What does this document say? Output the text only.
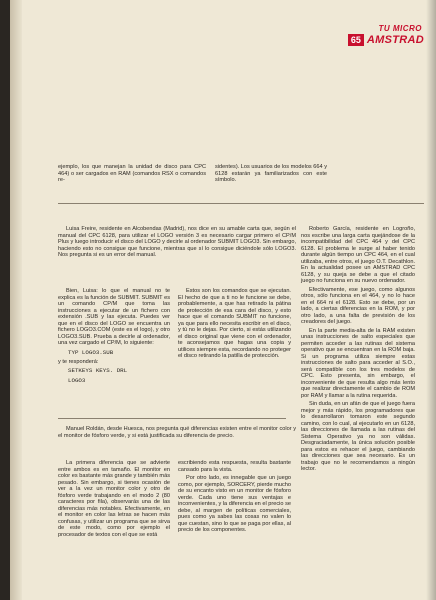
TU MICRO
65 AMSTRAD
ejemplo, los que manejan la unidad de disco para CPC 464) o ser cargados en RAM (comandos RSX o comandos re-
sidentes). Los usuarios de los modelos 664 y 6128 estarán ya familiarizados con este símbolo.
Luisa Freire, residente en Alcobendas (Madrid), nos dice en su amable carta que, según el manual del CPC 6128, para utilizar el LOGO versión 3 es necesario cargar primero el CP/M Plus y luego introducir el disco del LOGO y decirle al ordenador SUBMIT LOGO3. Sin embargo, haciendo esto no consigue que funcione, mientras que sí lo consigue diciéndole sólo LOGO3. Nos pregunta si es un error del manual.
Bien, Luisa: lo que el manual no te explica es la función de SUBMIT. SUBMIT es un comando CP/M que toma las instrucciones a ejecutar de un fichero con extensión .SUB y las ejecuta. Puedes ver que en el disco del LOGO se encuentra un fichero LOGO3.COM (este es el logo), y otro LOGO3.SUB. Prueba a decirle al ordenador, una vez cargado el CP/M, lo siguiente:
TYP LOGO3.SUB
y te responderá:
SETKEYS KEYS. DRL
LOGO3
Estos son los comandos que se ejecutan. El hecho de que a ti no le funcione se debe, probablemente, a que has retirado la pátina de protección de esa cara del disco, y esto hace que el comando SUBMIT no funcione, ya que para ello necesita escribir en el disco, y tú no le dejas. Por cierto, si estás utilizando el disco original que viene con el ordenador, te aconsejamos que hagas una copia y utilices siempre esta, recordando no proteger el disco retirando la patilla de protección.
Roberto García, residente en Logroño, nos escribe una larga carta quejándose de la incompatibilidad del CPC 464 y del CPC 6128. El problema le surge al haber tenido durante algún tiempo un CPC 464, en el cual utilizaba, entre otros, el juego O.T. Decathlon. En la actualidad posee un AMSTRAD CPC 6128, y su queja se debe a que el citado juego no funciona en su nuevo ordenador.
Efectivamente, ese juego, como algunos otros, sólo funciona en el 464, y no lo hace en el 664 ni el 6128. Esto se debe, por un lado, a ciertas diferencias en la ROM, y por otro lado, a una falta de previsión de los creadores del juego.
En la parte media-alta de la RAM existen unas instrucciones de salto especiales que permiten acceder a las rutinas del sistema operativo que se encuentran en la ROM baja. Si un programa utiliza siempre estas instrucciones de salto para acceder al S.O., será compatible con los tres modelos de CPC. Esto presenta, sin embargo, el inconveniente de que resulta algo más lento que realizar directamente el cambio de ROM por RAM y llamar a la rutina requerida.
Sin duda, en un afán de que el juego fuera mejor y más rápido, los programadores que lo desarrollaron tomaron este segundo camino, con lo cual, al ejecutarlo en un 6128, las direcciones de llamada a las rutinas del Sistema Operativo ya no son válidas. Desgraciadamente, la única solución posible para estos es rehacer el juego, cambiando las direcciones que sea necesario. Es un trabajo que no le recomendamos a ningún lector.
Manuel Roldán, desde Huesca, nos pregunta qué diferencias existen entre el monitor color y el monitor de fósforo verde, y si está justificada su diferencia de precio.
La primera diferencia que se advierte entre ambos es en tamaño. El monitor en color es bastante más grande y también más pesado. Sin embargo, si tienes ocasión de ver a la vez un monitor color y otro de fósforo verde trabajando en el modo 2 (80 caracteres por fila), observarás una de las diferencias más notables. Efectivamente, en el monitor en color las letras se hacen más confusas, y utilizar un programa que se sirva de este modo, como por ejemplo el procesador de textos con el que se está
escribiendo esta respuesta, resulta bastante cansado para la vista.
Por otro lado, es innegable que un juego como, por ejemplo, SORCERY, pierde mucho de su encanto visto en un monitor de fósforo verde. Cada uno tiene sus ventajas e inconvenientes, y la diferencia en el precio se debe, al margen de políticas comerciales, pues como ya sabes las cosas no valen lo que cuestan, sino lo que se paga por ellas, al precio de los componentes.
